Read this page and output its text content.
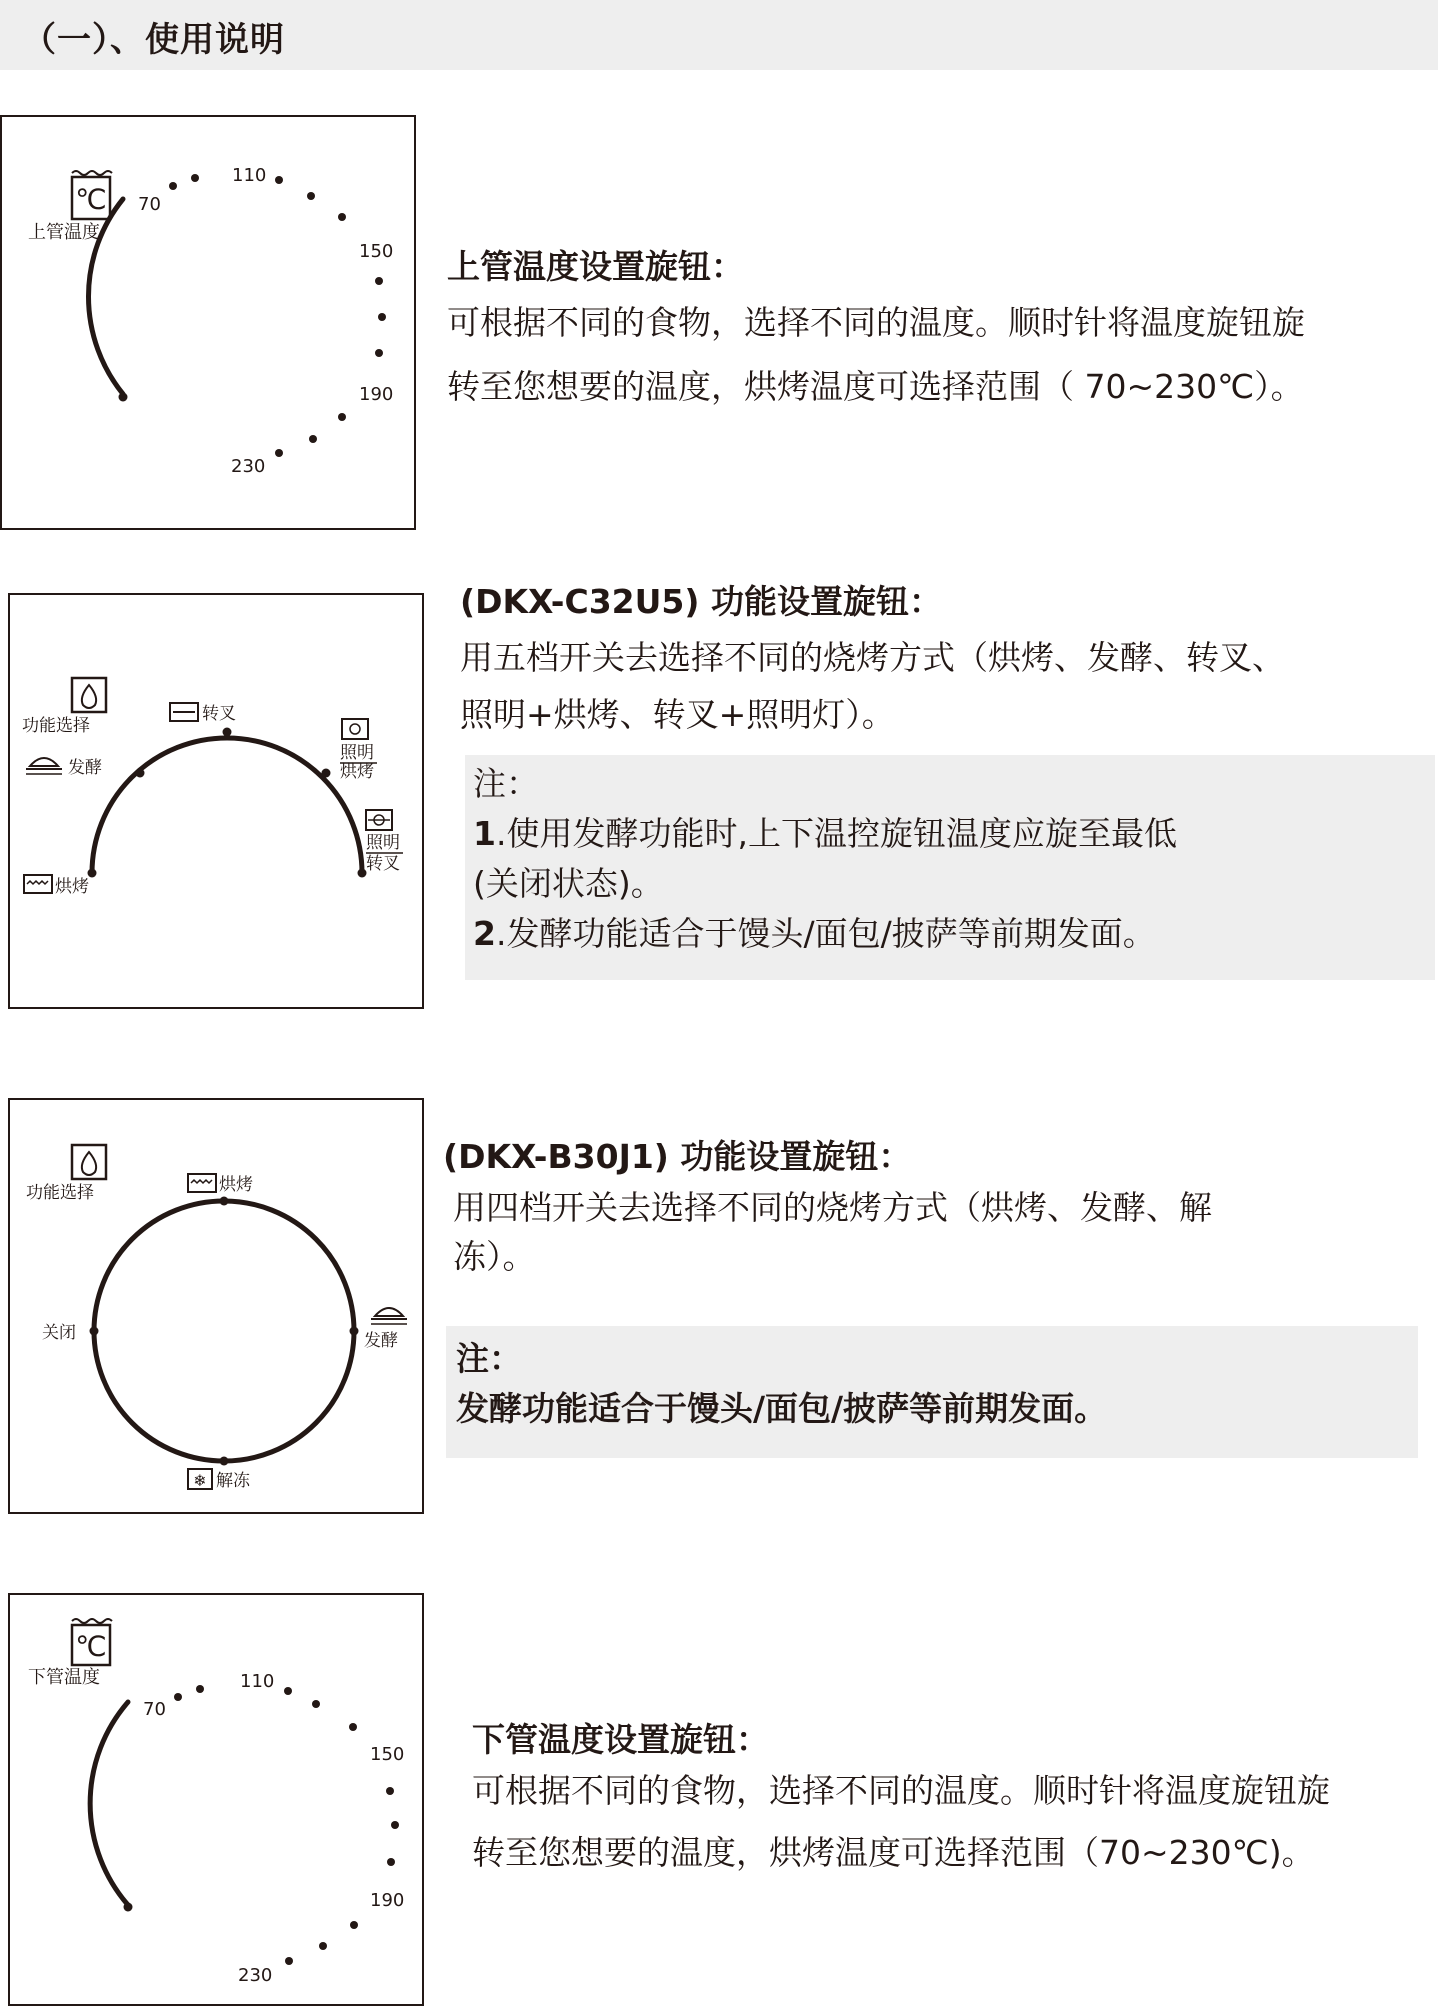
（一）、使用说明
℃
上管温度
70
110
150
190
230
上管温度设置旋钮：
可根据不同的食物，选择不同的温度。顺时针将温度旋钮旋
转至您想要的温度，烘烤温度可选择范围（ 70~230℃）。
功能选择
转叉
照明
烘烤
照明
转叉
发酵
烘烤
(DKX-C32U5) 功能设置旋钮：
用五档开关去选择不同的烧烤方式（烘烤、发酵、转叉、
照明+烘烤、转叉+照明灯）。
注：
1.使用发酵功能时,上下温控旋钮温度应旋至最低
(关闭状态)。
2.发酵功能适合于馒头/面包/披萨等前期发面。
功能选择	烘烤
关闭	发酵
❄ 解冻
(DKX-B30J1) 功能设置旋钮：
用四档开关去选择不同的烧烤方式（烘烤、发酵、解
冻）。
注：
发酵功能适合于馒头/面包/披萨等前期发面。
℃
下管温度
70
110
150
190
230
下管温度设置旋钮：
可根据不同的食物，选择不同的温度。顺时针将温度旋钮旋
转至您想要的温度，烘烤温度可选择范围（70~230℃)。
